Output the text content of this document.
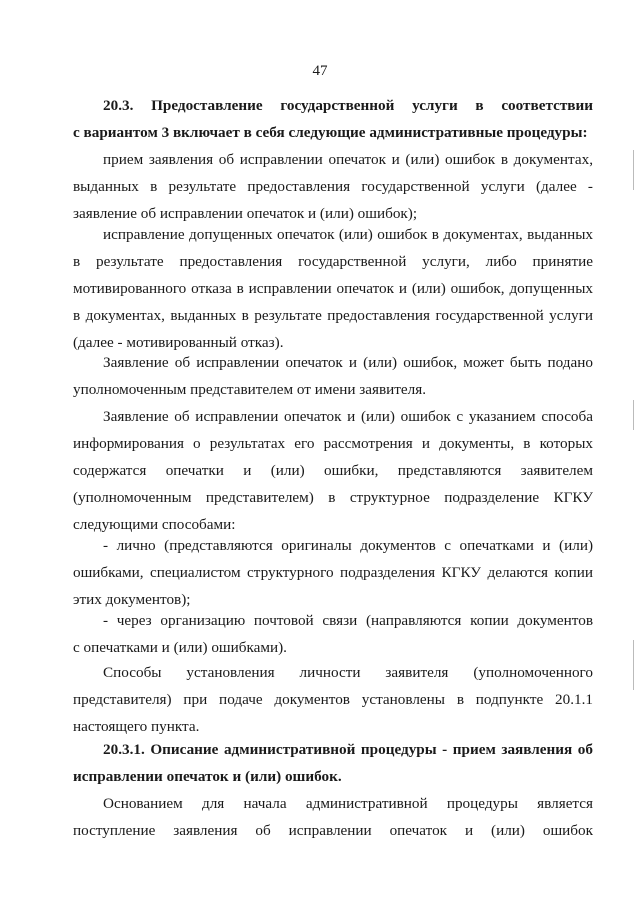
47
20.3. Предоставление государственной услуги в соответствии
с вариантом 3 включает в себя следующие административные процедуры:
прием заявления об исправлении опечаток и (или) ошибок в документах,
выданных в результате предоставления государственной услуги (далее -
заявление об исправлении опечаток и (или) ошибок);
исправление допущенных опечаток (или) ошибок в документах, выданных
в результате предоставления государственной услуги, либо принятие
мотивированного отказа в исправлении опечаток и (или) ошибок, допущенных
в документах, выданных в результате предоставления государственной услуги
(далее - мотивированный отказ).
Заявление об исправлении опечаток и (или) ошибок, может быть подано
уполномоченным представителем от имени заявителя.
Заявление об исправлении опечаток и (или) ошибок с указанием способа
информирования о результатах его рассмотрения и документы, в которых
содержатся опечатки и (или) ошибки, представляются заявителем
(уполномоченным представителем) в структурное подразделение КГКУ
следующими способами:
- лично (представляются оригиналы документов с опечатками и (или)
ошибками, специалистом структурного подразделения КГКУ делаются копии
этих документов);
- через организацию почтовой связи (направляются копии документов
с опечатками и (или) ошибками).
Способы установления личности заявителя (уполномоченного
представителя) при подаче документов установлены в подпункте 20.1.1
настоящего пункта.
20.3.1. Описание административной процедуры - прием заявления об
исправлении опечаток и (или) ошибок.
Основанием для начала административной процедуры является
поступление заявления об исправлении опечаток и (или) ошибок
